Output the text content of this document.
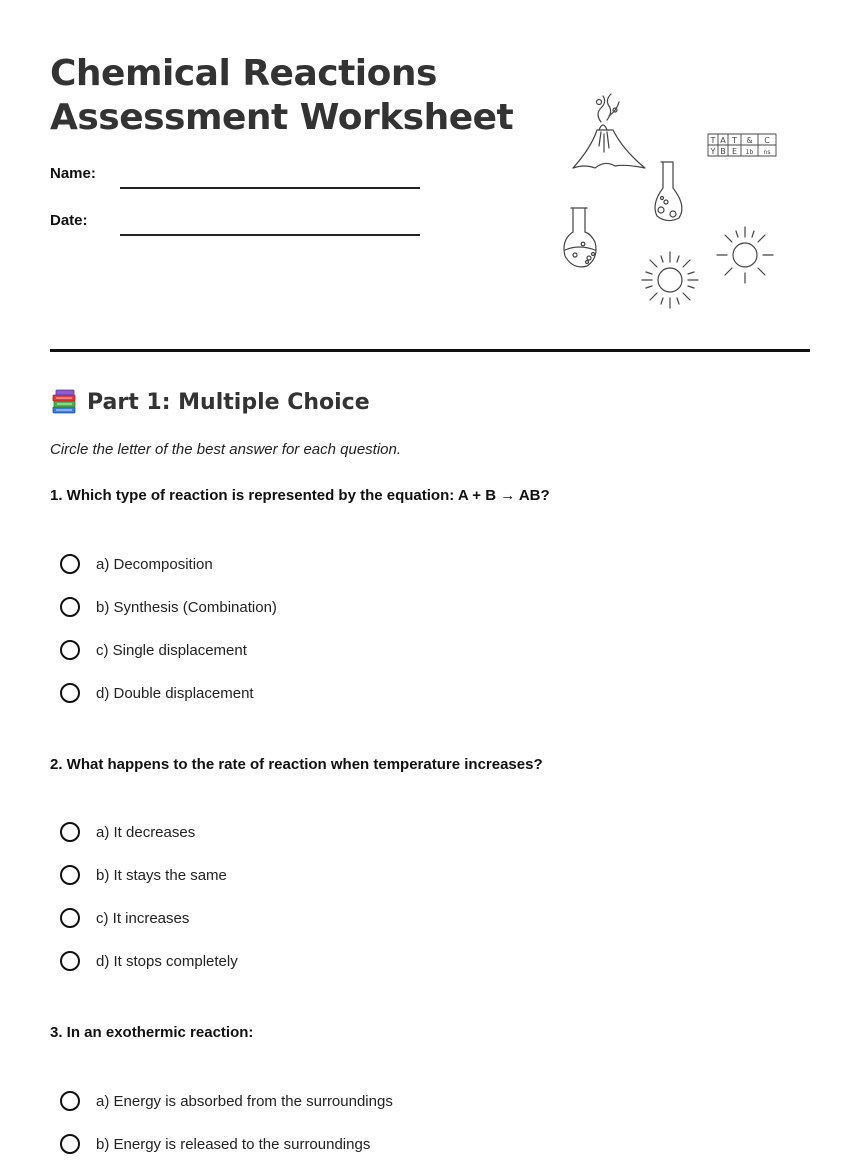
Chemical Reactions
Assessment Worksheet
Name:
Date:
T A T & C
Y B E 1b ns
Part 1: Multiple Choice
Circle the letter of the best answer for each question.
1. Which type of reaction is represented by the equation: A + B → AB?
a) Decomposition
b) Synthesis (Combination)
c) Single displacement
d) Double displacement
2. What happens to the rate of reaction when temperature increases?
a) It decreases
b) It stays the same
c) It increases
d) It stops completely
3. In an exothermic reaction:
a) Energy is absorbed from the surroundings
b) Energy is released to the surroundings
